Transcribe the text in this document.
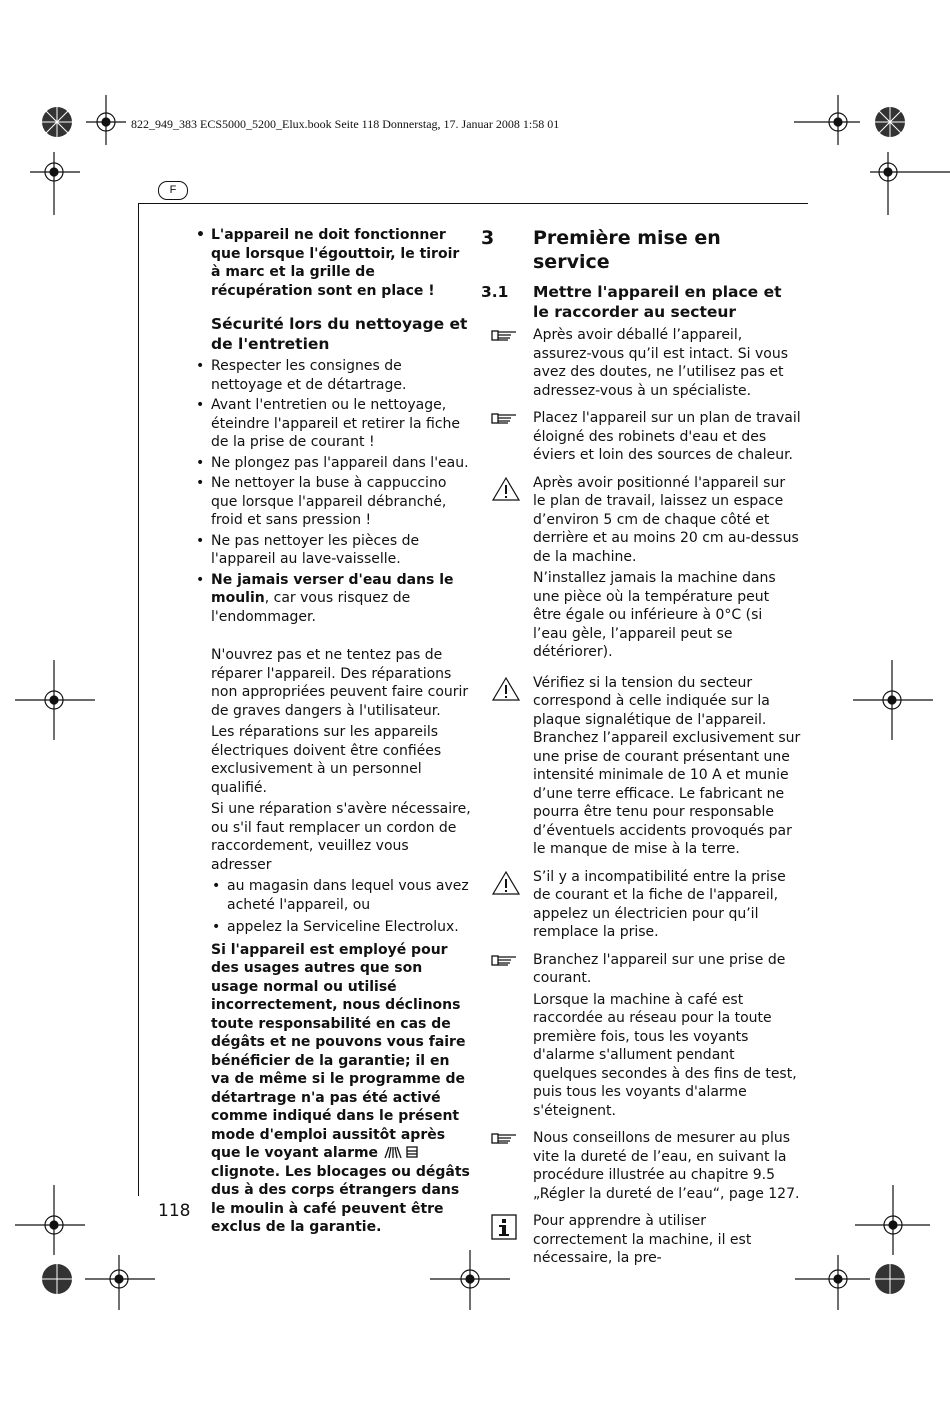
822_949_383 ECS5000_5200_Elux.book Seite 118 Donnerstag, 17. Januar 2008 1:58 01
F

• L'appareil ne doit fonctionner que lorsque l'égouttoir, le tiroir à marc et la grille de récupération sont en place !

Sécurité lors du nettoyage et de l'entretien

• Respecter les consignes de nettoyage et de détartrage.

• Avant l'entretien ou le nettoyage, éteindre l'appareil et retirer la fiche de la prise de courant !

• Ne plongez pas l'appareil dans l'eau.

• Ne nettoyer la buse à cappuccino que lorsque l'appareil débranché, froid et sans pression !

• Ne pas nettoyer les pièces de l'appareil au lave-vaisselle.

• Ne jamais verser d'eau dans le moulin, car vous risquez de l'endommager.

N'ouvrez pas et ne tentez pas de réparer l'appareil. Des réparations non appropriées peuvent faire courir de graves dangers à l'utilisateur.

Les réparations sur les appareils électriques doivent être confiées exclusivement à un personnel qualifié.

Si une réparation s'avère nécessaire, ou s'il faut remplacer un cordon de raccordement, veuillez vous adresser

• au magasin dans lequel vous avez acheté l'appareil, ou

• appelez la Serviceline Electrolux.

Si l'appareil est employé pour des usages autres que son usage normal ou utilisé incorrectement, nous déclinons toute responsabilité en cas de dégâts et ne pouvons vous faire bénéficier de la garantie; il en va de même si le programme de détartrage n'a pas été activé comme indiqué dans le présent mode d'emploi aussitôt après que le voyant alarme  clignote. Les blocages ou dégâts dus à des corps étrangers dans le moulin à café peuvent être exclus de la garantie.

3	Première mise en service
3.1	Mettre l'appareil en place et le raccorder au secteur
Après avoir déballé l’appareil, assurez-vous qu’il est intact. Si vous avez des doutes, ne l’utilisez pas et adressez-vous à un spécialiste.
Placez l'appareil sur un plan de travail éloigné des robinets d'eau et des éviers et loin des sources de chaleur.
Après avoir positionné l'appareil sur le plan de travail, laissez un espace d’environ 5 cm de chaque côté et derrière et au moins 20 cm au-dessus de la machine.
N’installez jamais la machine dans une pièce où la température peut être égale ou inférieure à 0°C (si l’eau gèle, l’appareil peut se détériorer).
Vérifiez si la tension du secteur correspond à celle indiquée sur la plaque signalétique de l'appareil. Branchez l’appareil exclusivement sur une prise de courant présentant une intensité minimale de 10 A et munie d’une terre efficace. Le fabricant ne pourra être tenu pour responsable d’éventuels accidents provoqués par le manque de mise à la terre.
S’il y a incompatibilité entre la prise de courant et la fiche de l'appareil, appelez un électricien pour qu’il remplace la prise.
Branchez l'appareil sur une prise de courant.
Lorsque la machine à café est raccordée au réseau pour la toute première fois, tous les voyants d'alarme s'allument pendant quelques secondes à des fins de test, puis tous les voyants d'alarme s'éteignent.
Nous conseillons de mesurer au plus vite la dureté de l’eau, en suivant la procédure illustrée au chapitre 9.5 „Régler la dureté de l’eau“, page 127.
Pour apprendre à utiliser correctement la machine, il est nécessaire, la pre-
118
